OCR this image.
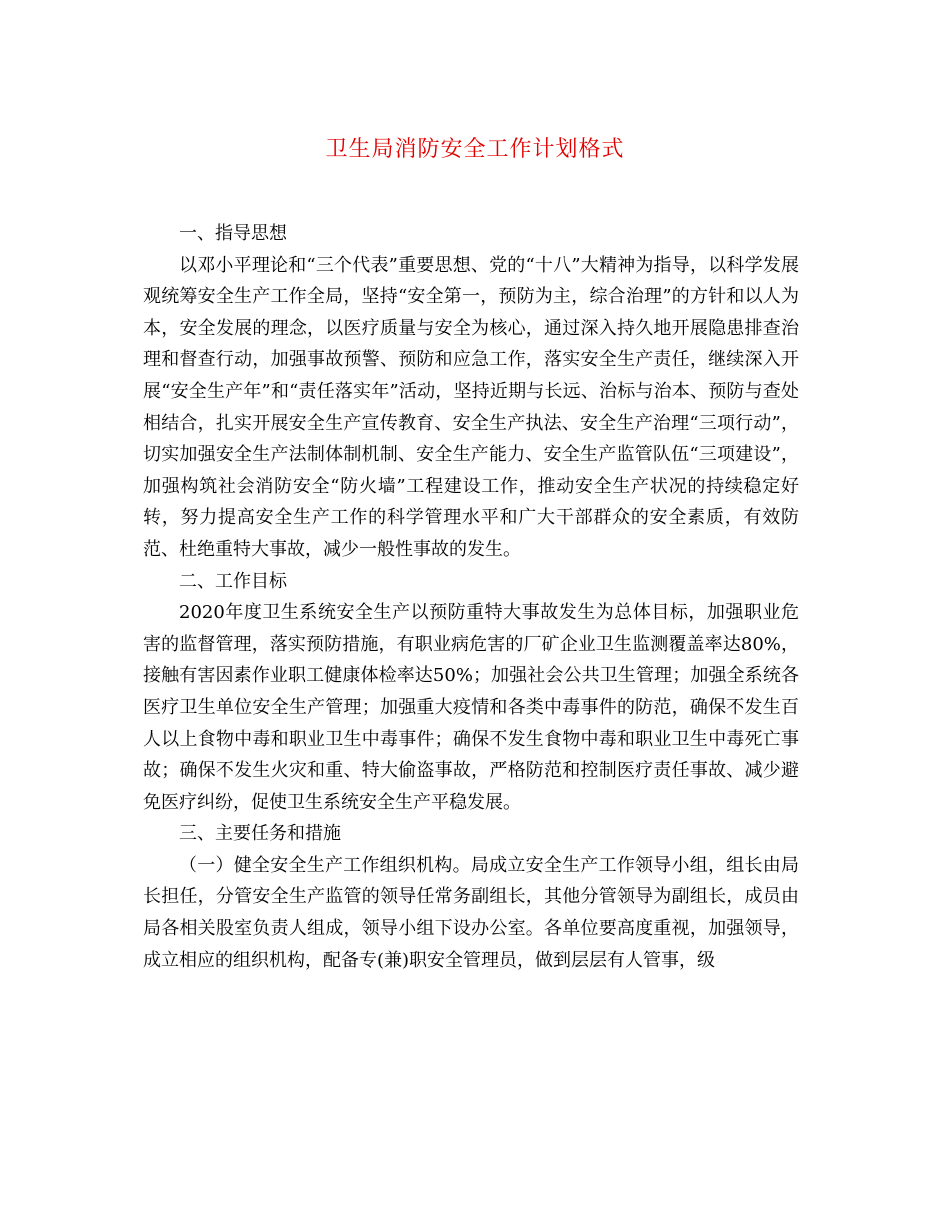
卫生局消防安全工作计划格式

一、指导思想

以邓小平理论和“三个代表”重要思想、党的“十八”大精神为指导，以科学发展观统筹安全生产工作全局，坚持“安全第一，预防为主，综合治理”的方针和以人为本，安全发展的理念，以医疗质量与安全为核心，通过深入持久地开展隐患排查治理和督查行动，加强事故预警、预防和应急工作，落实安全生产责任，继续深入开展“安全生产年”和“责任落实年”活动，坚持近期与长远、治标与治本、预防与查处相结合，扎实开展安全生产宣传教育、安全生产执法、安全生产治理“三项行动”，切实加强安全生产法制体制机制、安全生产能力、安全生产监管队伍“三项建设”，加强构筑社会消防安全“防火墙”工程建设工作，推动安全生产状况的持续稳定好转，努力提高安全生产工作的科学管理水平和广大干部群众的安全素质，有效防范、杜绝重特大事故，减少一般性事故的发生。

二、工作目标

2020年度卫生系统安全生产以预防重特大事故发生为总体目标，加强职业危害的监督管理，落实预防措施，有职业病危害的厂矿企业卫生监测覆盖率达80%，接触有害因素作业职工健康体检率达50%；加强社会公共卫生管理；加强全系统各医疗卫生单位安全生产管理；加强重大疫情和各类中毒事件的防范，确保不发生百人以上食物中毒和职业卫生中毒事件；确保不发生食物中毒和职业卫生中毒死亡事故；确保不发生火灾和重、特大偷盗事故，严格防范和控制医疗责任事故、减少避免医疗纠纷，促使卫生系统安全生产平稳发展。

三、主要任务和措施

（一）健全安全生产工作组织机构。局成立安全生产工作领导小组，组长由局长担任，分管安全生产监管的领导任常务副组长，其他分管领导为副组长，成员由局各相关股室负责人组成，领导小组下设办公室。各单位要高度重视，加强领导，成立相应的组织机构，配备专(兼)职安全管理员，做到层层有人管事，级
